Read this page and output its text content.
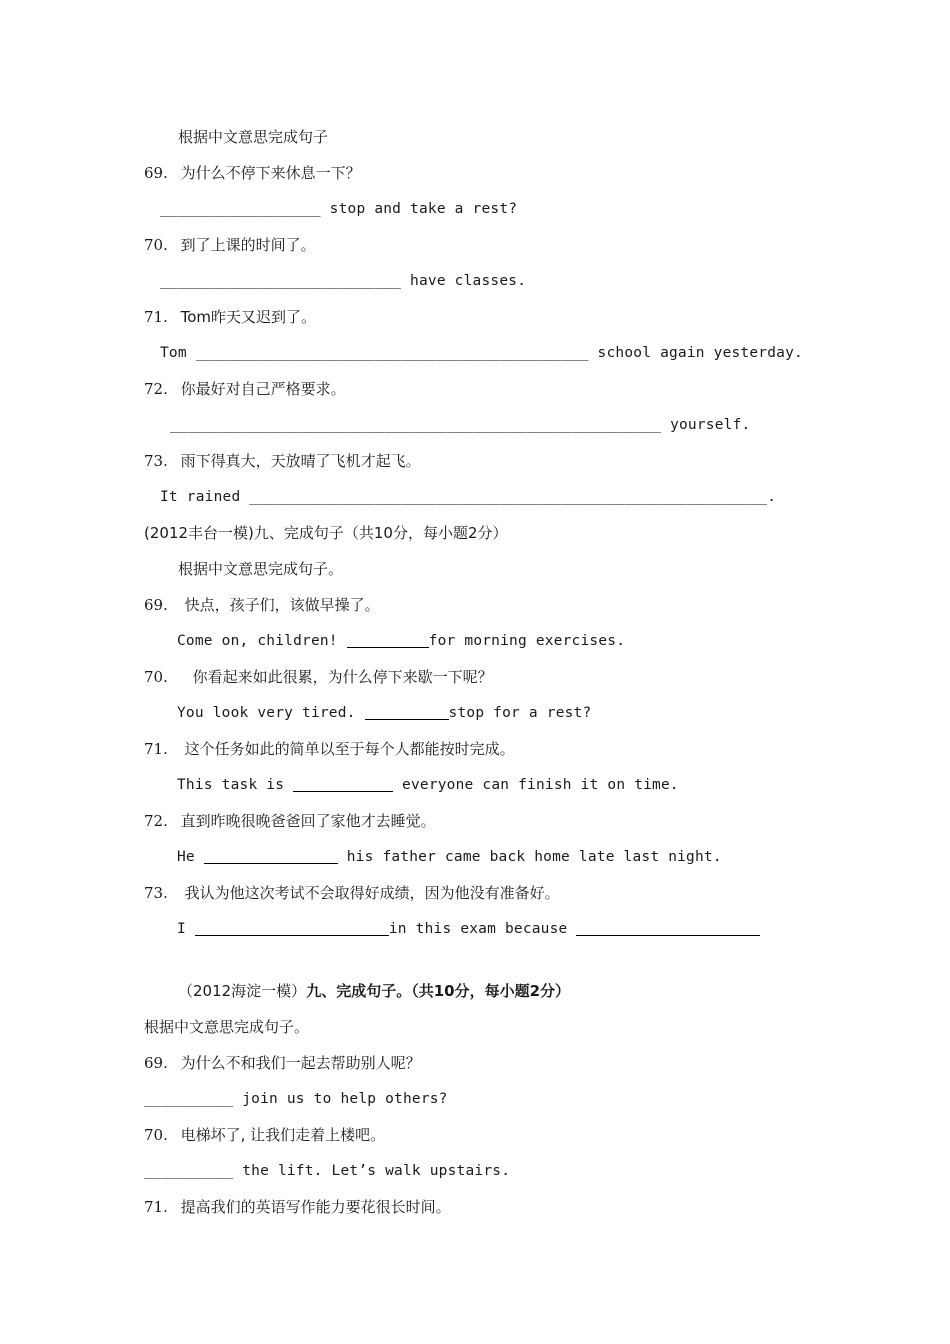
根据中文意思完成句子
69. 为什么不停下来休息一下？
__________________ stop and take a rest?
70. 到了上课的时间了。
___________________________ have classes.
71. Tom昨天又迟到了。
Tom ____________________________________________ school again yesterday.
72. 你最好对自己严格要求。
_______________________________________________________ yourself.
73. 雨下得真大，天放晴了飞机才起飞。
It rained __________________________________________________________.
(2012丰台一模)九、完成句子（共10分，每小题2分）
根据中文意思完成句子。
69. 快点，孩子们，该做早操了。
Come on, children!	for morning exercises.
70. 你看起来如此很累，为什么停下来歇一下呢？
You look very tired.	stop for a rest?
71. 这个任务如此的简单以至于每个人都能按时完成。
This task is	everyone can finish it on time.
72. 直到昨晚很晚爸爸回了家他才去睡觉。
He	his father came back home late last night.
73. 我认为他这次考试不会取得好成绩，因为他没有准备好。
I	in this exam because
（2012海淀一模）九、完成句子。（共10分，每小题2分）
根据中文意思完成句子。
69. 为什么不和我们一起去帮助别人呢？
__________ join us to help others?
70. 电梯坏了, 让我们走着上楼吧。
__________ the lift. Let’s walk upstairs.
71. 提高我们的英语写作能力要花很长时间。
